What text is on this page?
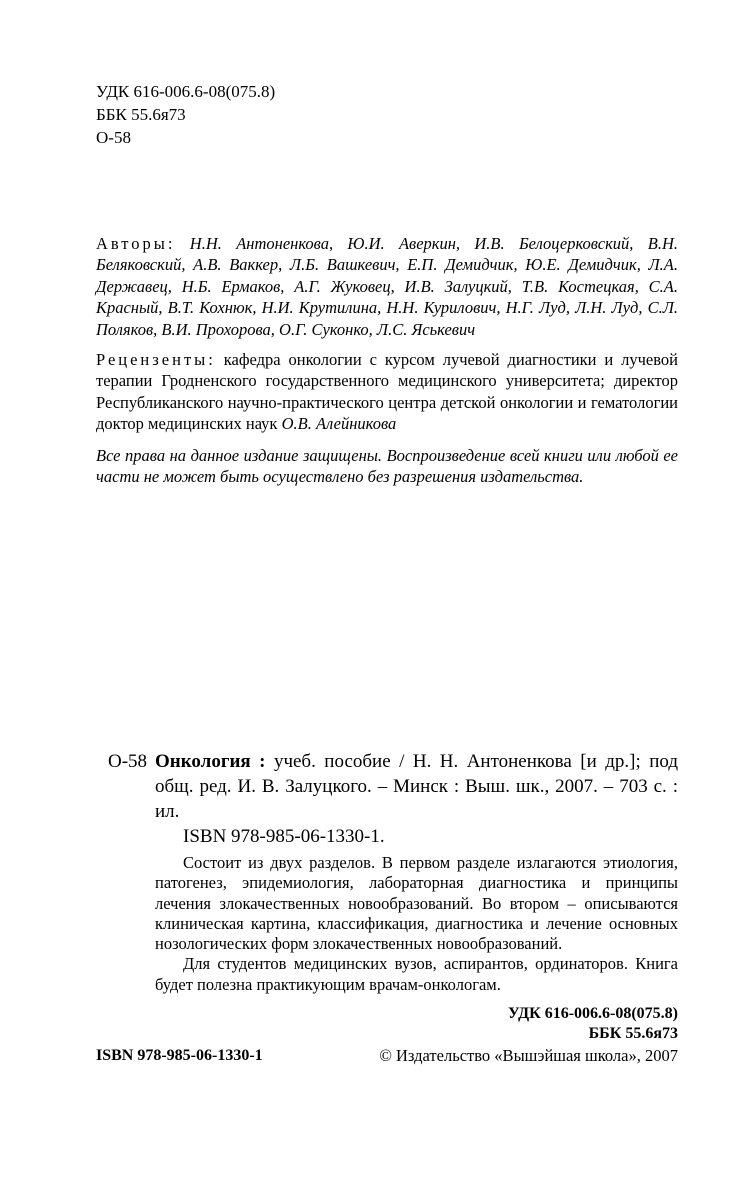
УДК 616-006.6-08(075.8)
ББК 55.6я73
О-58
Авторы: Н.Н. Антоненкова, Ю.И. Аверкин, И.В. Белоцерковский, В.Н. Беляковский, А.В. Ваккер, Л.Б. Вашкевич, Е.П. Демидчик, Ю.Е. Демидчик, Л.А. Державец, Н.Б. Ермаков, А.Г. Жуковец, И.В. Залуцкий, Т.В. Костецкая, С.А. Красный, В.Т. Кохнюк, Н.И. Крутилина, Н.Н. Курилович, Н.Г. Луд, Л.Н. Луд, С.Л. Поляков, В.И. Прохорова, О.Г. Суконко, Л.С. Яськевич
Рецензенты: кафедра онкологии с курсом лучевой диагностики и лучевой терапии Гродненского государственного медицинского университета; директор Республиканского научно-практического центра детской онкологии и гематологии доктор медицинских наук О.В. Алейникова
Все права на данное издание защищены. Воспроизведение всей книги или любой ее части не может быть осуществлено без разрешения издательства.
О-58 Онкология : учеб. пособие / Н. Н. Антоненкова [и др.]; под общ. ред. И. В. Залуцкого. – Минск : Выш. шк., 2007. – 703 с. : ил.
ISBN 978-985-06-1330-1.

Состоит из двух разделов. В первом разделе излагаются этиология, патогенез, эпидемиология, лабораторная диагностика и принципы лечения злокачественных новообразований. Во втором – описываются клиническая картина, классификация, диагностика и лечение основных нозологических форм злокачественных новообразований.

Для студентов медицинских вузов, аспирантов, ординаторов. Книга будет полезна практикующим врачам-онкологам.

УДК 616-006.6-08(075.8)
ББК 55.6я73
ISBN 978-985-06-1330-1	© Издательство «Вышэйшая школа», 2007
